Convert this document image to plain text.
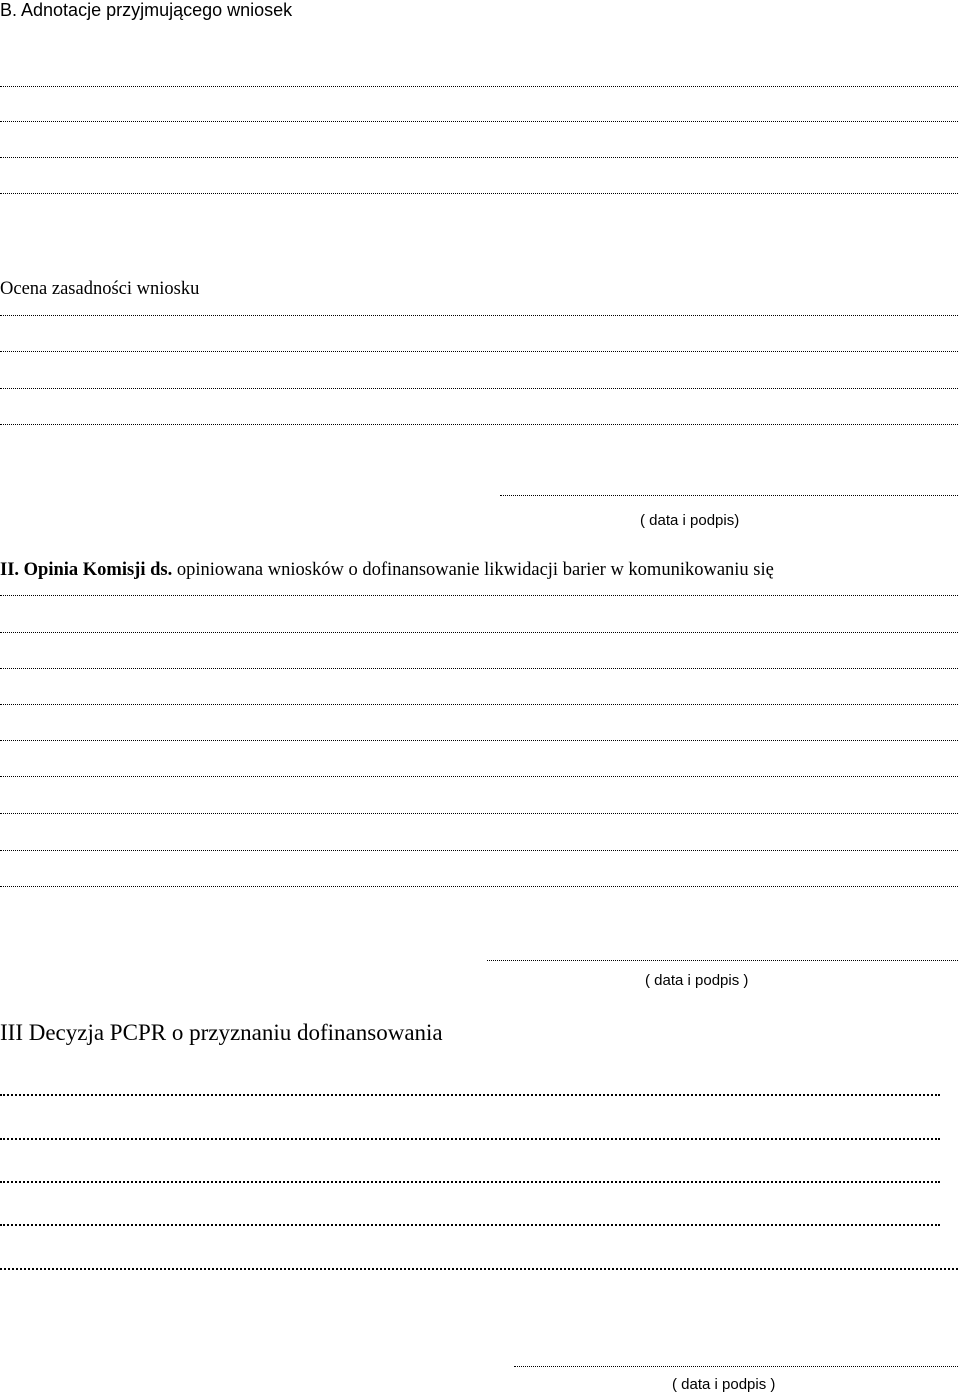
B. Adnotacje przyjmującego wniosek
Ocena zasadności wniosku
( data i podpis)
II. Opinia Komisji ds. opiniowana wniosków o dofinansowanie likwidacji barier w komunikowaniu się
( data i podpis )
III Decyzja PCPR o przyznaniu dofinansowania
( data i podpis )
